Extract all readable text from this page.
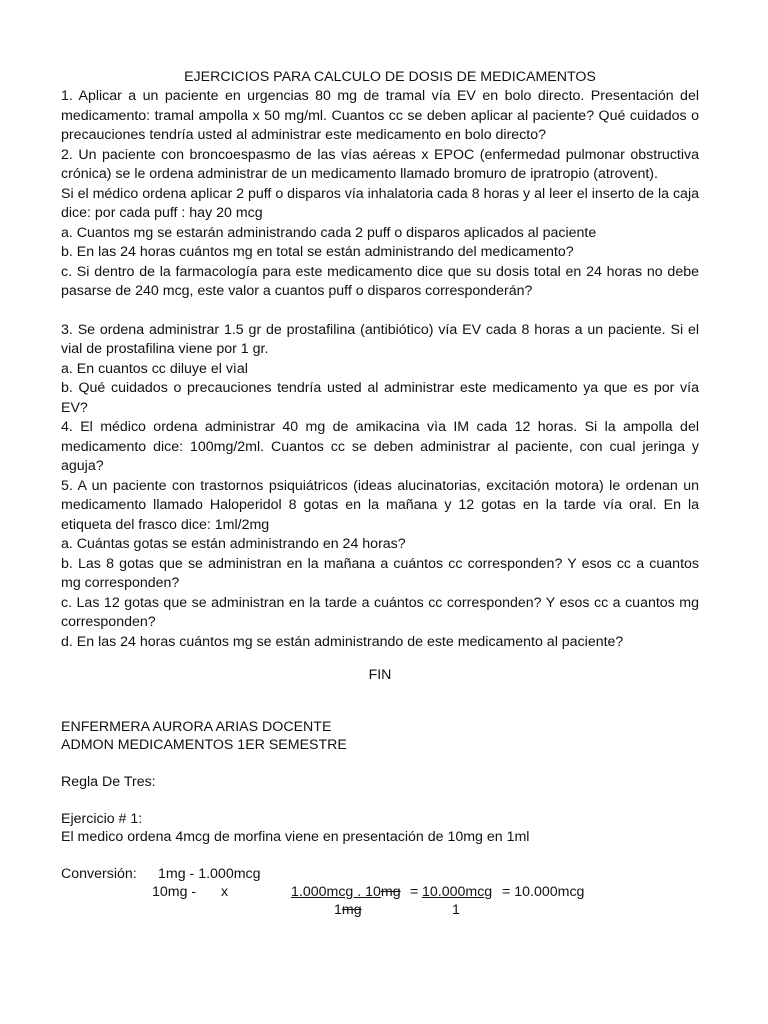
EJERCICIOS PARA CALCULO DE DOSIS DE MEDICAMENTOS

1. Aplicar a un paciente en urgencias 80 mg de tramal vía EV en bolo directo. Presentación del medicamento: tramal ampolla x 50 mg/ml. Cuantos cc se deben aplicar al paciente? Qué cuidados o precauciones tendría usted al administrar este medicamento en bolo directo?

2. Un paciente con broncoespasmo de las vías aéreas x EPOC (enfermedad pulmonar obstructiva crónica) se le ordena administrar de un medicamento llamado bromuro de ipratropio (atrovent).

Si el médico ordena aplicar 2 puff o disparos vía inhalatoria cada 8 horas y al leer el inserto de la caja dice: por cada puff : hay 20 mcg

a. Cuantos mg se estarán administrando cada 2 puff o disparos aplicados al paciente

b. En las 24 horas cuántos mg en total se están administrando del medicamento?

c. Si dentro de la farmacología para este medicamento dice que su dosis total en 24 horas no debe pasarse de 240 mcg, este valor a cuantos puff o disparos corresponderán?

3. Se ordena administrar 1.5 gr de prostafilina (antibiótico) vía EV cada 8 horas a un paciente. Si el vial de prostafilina viene por 1 gr.

a. En cuantos cc diluye el vìal

b. Qué cuidados o precauciones tendría usted al administrar este medicamento ya que es por vía EV?

4. El médico ordena administrar 40 mg de amikacina vìa IM cada 12 horas. Si la ampolla del medicamento dice: 100mg/2ml. Cuantos cc se deben administrar al paciente, con cual jeringa y aguja?

5. A un paciente con trastornos psiquiátricos (ideas alucinatorias, excitación motora) le ordenan un medicamento llamado Haloperidol 8 gotas en la mañana y 12 gotas en la tarde vía oral. En la etiqueta del frasco dice: 1ml/2mg

a. Cuántas gotas se están administrando en 24 horas?

b. Las 8 gotas que se administran en la mañana a cuántos cc corresponden? Y esos cc a cuantos mg corresponden?

c. Las 12 gotas que se administran en la tarde a cuántos cc corresponden? Y esos cc a cuantos mg corresponden?

d. En las 24 horas cuántos mg se están administrando de este medicamento al paciente?

FIN

ENFERMERA AURORA ARIAS DOCENTE

ADMON MEDICAMENTOS 1ER SEMESTRE

Regla De Tres:

Ejercicio # 1:

El medico ordena 4mcg de morfina viene en presentación de 10mg en 1ml

Conversión: 1mg - 1.000mcg
10mg - x	1.000mcg . 10mg = 10.000mcg = 10.000mcg
1mg	1
